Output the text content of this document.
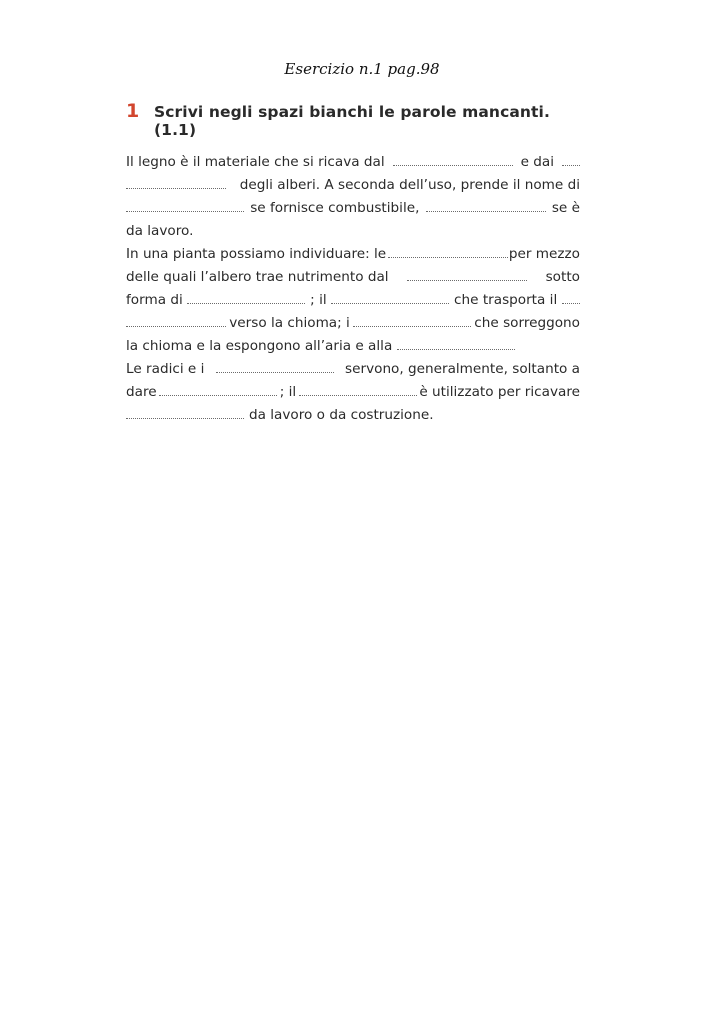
Esercizio n.1 pag.98
1 Scrivi negli spazi bianchi le parole mancanti. (1.1)
Il legno è il materiale che si ricava dal	e dai
degli alberi. A seconda dell’uso, prende il nome di
se fornisce combustibile,	se è
da lavoro.
In una pianta possiamo individuare: le	per mezzo
delle quali l’albero trae nutrimento dal	sotto
forma di	; il	che trasporta il
verso la chioma; i	che sorreggono
la chioma e la espongono all’aria e alla
Le radici e i	servono, generalmente, soltanto a
dare	; il	è utilizzato per ricavare
da lavoro o da costruzione.
